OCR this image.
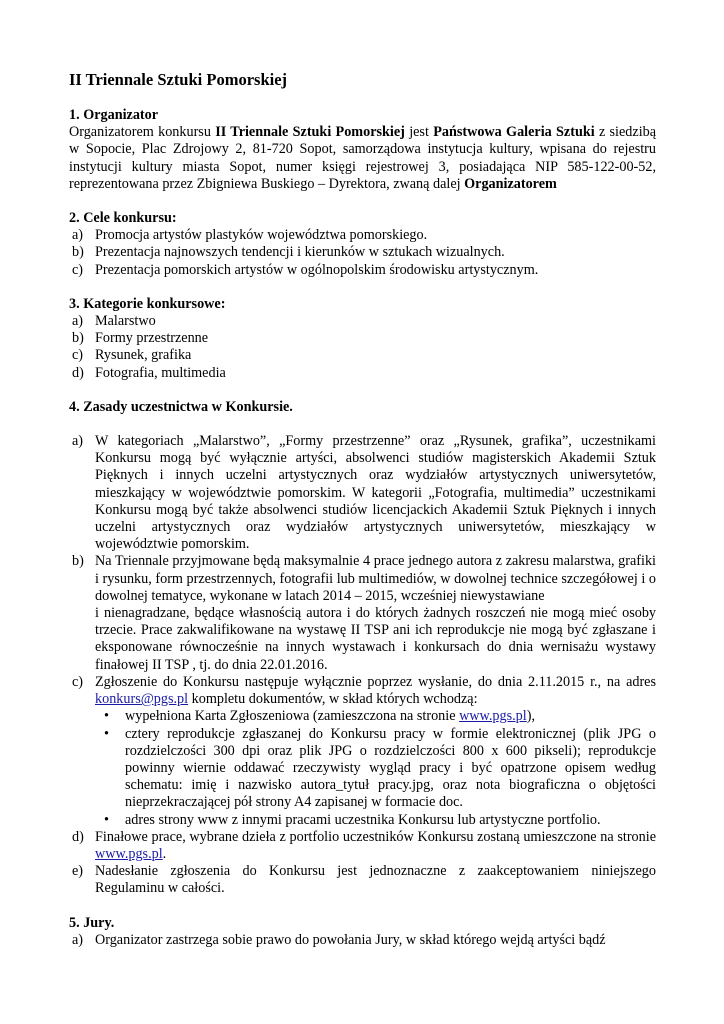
II Triennale Sztuki Pomorskiej

1. Organizator

Organizatorem konkursu II Triennale Sztuki Pomorskiej jest Państwowa Galeria Sztuki z siedzibą w Sopocie, Plac Zdrojowy 2, 81-720 Sopot, samorządowa instytucja kultury, wpisana do rejestru instytucji kultury miasta Sopot, numer księgi rejestrowej 3, posiadająca NIP 585-122-00-52, reprezentowana przez Zbigniewa Buskiego – Dyrektora, zwaną dalej Organizatorem

2. Cele konkursu:

a) Promocja artystów plastyków województwa pomorskiego.
b) Prezentacja najnowszych tendencji i kierunków w sztukach wizualnych.
c) Prezentacja pomorskich artystów w ogólnopolskim środowisku artystycznym.

3. Kategorie konkursowe:

a) Malarstwo
b) Formy przestrzenne
c) Rysunek, grafika
d) Fotografia, multimedia

4. Zasady uczestnictwa w Konkursie.

a) W kategoriach „Malarstwo”, „Formy przestrzenne” oraz „Rysunek, grafika”, uczestnikami Konkursu mogą być wyłącznie artyści, absolwenci studiów magisterskich Akademii Sztuk Pięknych i innych uczelni artystycznych oraz wydziałów artystycznych uniwersytetów, mieszkający w województwie pomorskim. W kategorii „Fotografia, multimedia” uczestnikami Konkursu mogą być także absolwenci studiów licencjackich Akademii Sztuk Pięknych i innych uczelni artystycznych oraz wydziałów artystycznych uniwersytetów, mieszkający w województwie pomorskim.
b) Na Triennale przyjmowane będą maksymalnie 4 prace jednego autora z zakresu malarstwa, grafiki i rysunku, form przestrzennych, fotografii lub multimediów, w dowolnej technice szczegółowej i o dowolnej tematyce, wykonane w latach 2014 – 2015, wcześniej niewystawiane
i nienagradzane, będące własnością autora i do których żadnych roszczeń nie mogą mieć osoby trzecie. Prace zakwalifikowane na wystawę II TSP ani ich reprodukcje nie mogą być zgłaszane i eksponowane równocześnie na innych wystawach i konkursach do dnia wernisażu wystawy finałowej II TSP , tj. do dnia 22.01.2016.
c) Zgłoszenie do Konkursu następuje wyłącznie poprzez wysłanie, do dnia 2.11.2015 r., na adres konkurs@pgs.pl kompletu dokumentów, w skład których wchodzą:
• wypełniona Karta Zgłoszeniowa (zamieszczona na stronie www.pgs.pl),
• cztery reprodukcje zgłaszanej do Konkursu pracy w formie elektronicznej (plik JPG o rozdzielczości 300 dpi oraz plik JPG o rozdzielczości 800 x 600 pikseli); reprodukcje powinny wiernie oddawać rzeczywisty wygląd pracy i być opatrzone opisem według schematu: imię i nazwisko autora_tytuł pracy.jpg, oraz nota biograficzna o objętości nieprzekraczającej pół strony A4 zapisanej w formacie doc.
• adres strony www z innymi pracami uczestnika Konkursu lub artystyczne portfolio.
d) Finałowe prace, wybrane dzieła z portfolio uczestników Konkursu zostaną umieszczone na stronie www.pgs.pl.
e) Nadesłanie zgłoszenia do Konkursu jest jednoznaczne z zaakceptowaniem niniejszego Regulaminu w całości.

5. Jury.

a) Organizator zastrzega sobie prawo do powołania Jury, w skład którego wejdą artyści bądź
